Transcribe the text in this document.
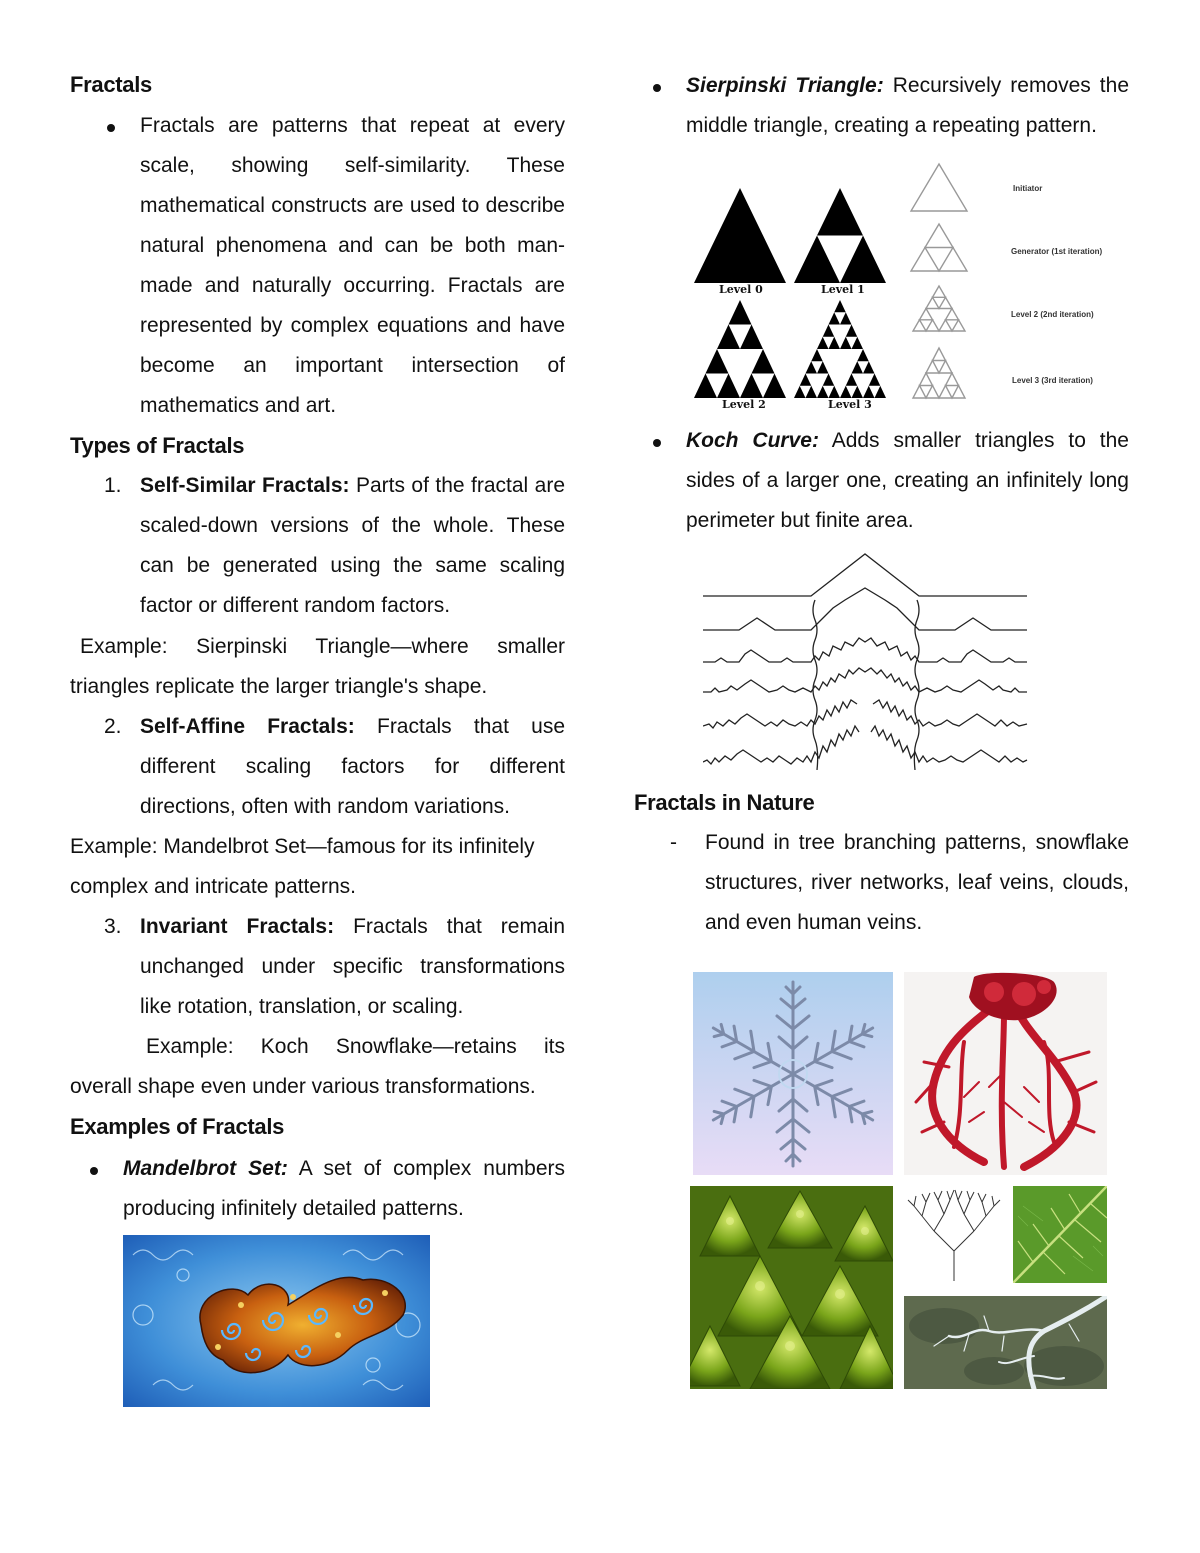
Fractals
Fractals are patterns that repeat at every scale, showing self-similarity. These mathematical constructs are used to describe natural phenomena and can be both man-made and naturally occurring. Fractals are represented by complex equations and have become an important intersection of mathematics and art.
Types of Fractals
1. Self-Similar Fractals: Parts of the fractal are scaled-down versions of the whole. These can be generated using the same scaling factor or different random factors.
Example: Sierpinski Triangle—where smaller triangles replicate the larger triangle's shape.
2. Self-Affine Fractals: Fractals that use different scaling factors for different directions, often with random variations.
Example: Mandelbrot Set—famous for its infinitely complex and intricate patterns.
3. Invariant Fractals: Fractals that remain unchanged under specific transformations like rotation, translation, or scaling.
Example: Koch Snowflake—retains its overall shape even under various transformations.
Examples of Fractals
Mandelbrot Set: A set of complex numbers producing infinitely detailed patterns.
Sierpinski Triangle: Recursively removes the middle triangle, creating a repeating pattern.
Level 0	Level 1
Level 2	Level 3
Initiator
Generator (1st iteration)
Level 2 (2nd iteration)
Level 3 (3rd iteration)
Koch Curve: Adds smaller triangles to the sides of a larger one, creating an infinitely long perimeter but finite area.
Fractals in Nature
- Found in tree branching patterns, snowflake structures, river networks, leaf veins, clouds, and even human veins.
